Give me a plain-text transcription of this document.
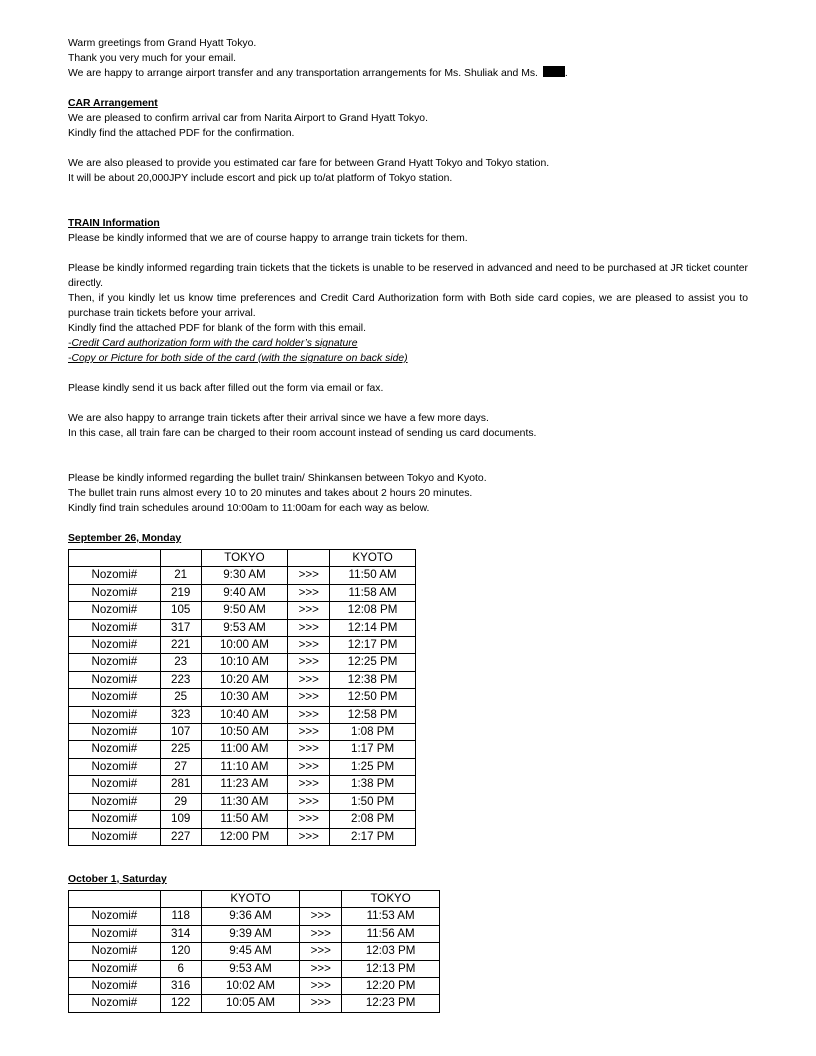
Warm greetings from Grand Hyatt Tokyo.
Thank you very much for your email.
We are happy to arrange airport transfer and any transportation arrangements for Ms. Shuliak and Ms.	.
CAR Arrangement
We are pleased to confirm arrival car from Narita Airport to Grand Hyatt Tokyo.
Kindly find the attached PDF for the confirmation.
We are also pleased to provide you estimated car fare for between Grand Hyatt Tokyo and Tokyo station.
It will be about 20,000JPY include escort and pick up to/at platform of Tokyo station.
TRAIN Information
Please be kindly informed that we are of course happy to arrange train tickets for them.
Please be kindly informed regarding train tickets that the tickets is unable to be reserved in advanced and need to be purchased at JR ticket counter directly.
Then, if you kindly let us know time preferences and Credit Card Authorization form with Both side card copies, we are pleased to assist you to purchase train tickets before your arrival.
Kindly find the attached PDF for blank of the form with this email.
-Credit Card authorization form with the card holder’s signature
-Copy or Picture for both side of the card (with the signature on back side)
Please kindly send it us back after filled out the form via email or fax.
We are also happy to arrange train tickets after their arrival since we have a few more days.
In this case, all train fare can be charged to their room account instead of sending us card documents.
Please be kindly informed regarding the bullet train/ Shinkansen between Tokyo and Kyoto.
The bullet train runs almost every 10 to 20 minutes and takes about 2 hours 20 minutes.
Kindly find train schedules around 10:00am to 11:00am for each way as below.
September 26, Monday
		TOKYO		KYOTO
Nozomi#	21	9:30 AM	>>>	11:50 AM
Nozomi#	219	9:40 AM	>>>	11:58 AM
Nozomi#	105	9:50 AM	>>>	12:08 PM
Nozomi#	317	9:53 AM	>>>	12:14 PM
Nozomi#	221	10:00 AM	>>>	12:17 PM
Nozomi#	23	10:10 AM	>>>	12:25 PM
Nozomi#	223	10:20 AM	>>>	12:38 PM
Nozomi#	25	10:30 AM	>>>	12:50 PM
Nozomi#	323	10:40 AM	>>>	12:58 PM
Nozomi#	107	10:50 AM	>>>	1:08 PM
Nozomi#	225	11:00 AM	>>>	1:17 PM
Nozomi#	27	11:10 AM	>>>	1:25 PM
Nozomi#	281	11:23 AM	>>>	1:38 PM
Nozomi#	29	11:30 AM	>>>	1:50 PM
Nozomi#	109	11:50 AM	>>>	2:08 PM
Nozomi#	227	12:00 PM	>>>	2:17 PM
October 1, Saturday
		KYOTO		TOKYO
Nozomi#	118	9:36 AM	>>>	11:53 AM
Nozomi#	314	9:39 AM	>>>	11:56 AM
Nozomi#	120	9:45 AM	>>>	12:03 PM
Nozomi#	6	9:53 AM	>>>	12:13 PM
Nozomi#	316	10:02 AM	>>>	12:20 PM
Nozomi#	122	10:05 AM	>>>	12:23 PM
